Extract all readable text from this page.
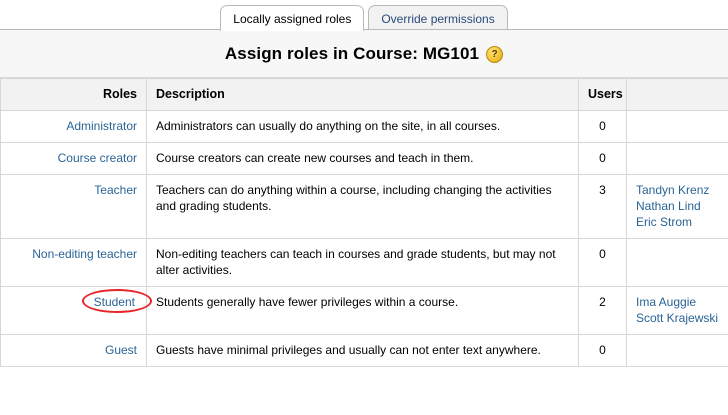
Locally assigned roles	Override permissions
Assign roles in Course: MG101	?
Roles	Description	Users	
Administrator	Administrators can usually do anything on the site, in all courses.	0	
Course creator	Course creators can create new courses and teach in them.	0	
Teacher	Teachers can do anything within a course, including changing the activities and grading students.	3	Tandyn Krenz
Nathan Lind
Eric Strom

Non-editing teacher	Non-editing teachers can teach in courses and grade students, but may not alter activities.	0	

Student	Students generally have fewer privileges within a course.	2	Ima Auggie
Scott Krajewski

Guest	Guests have minimal privileges and usually can not enter text anywhere.	0	
